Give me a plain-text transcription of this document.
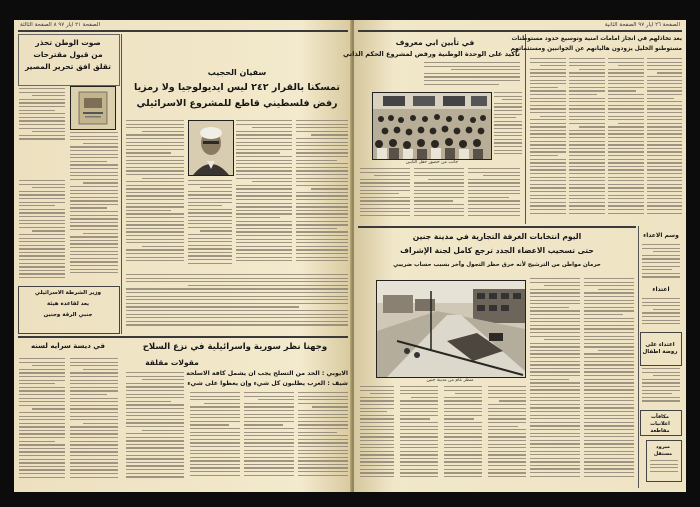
الصفحة ٢١ ايار ٩٧ ٨ الصفحة الثالثة
صوت الوطن تحذر
من قبول مقترحات
تقلق افق تحرير المصير
وزير الشرطة الاسرائيلي
يعد لقاعدة هيئة
جنبي الرقة وجنين
سفيان الحجيب
تمسكنا بالقرار ٢٤٢ ليس ايديولوجيا ولا رمزيا
رفض فلسطيني قاطع للمشروع الاسرائيلي
في ديسة سرايه لسنه	وجهنا نظر سورية واسرائيلية في نزع السلاح
مقولات مقلقة
الايوبي : الحد من التسلح يجب ان يشمل كافة الاسلحة
شيف : العرب يطلبون كل شيء وإن يعطوا على شيء
الصفحة ٢٦ ايار ٩٧ الصفحة الثانية
في تأبين ابي معروف
تأكيد على الوحدة الوطنية ورفض لمشروع الحكم الذاتي
جانب من حضور حفل التأبين
بعد تخاذلهم في انجاز امامات امنية وتوسيع حدود مستوطنات
مستوطنو الخليل يزودون هاليانهم عن الجوانبين ومستثماتهم
اليوم انتخابات الغرفة التجارية في مدينة جنين
حتى تسحيب الاعضاء الجدد ترجع كامل لجنة الإشراف
حرمان مواطن من الترشيح لأنه خرق حظر التجول وآخر بسبب حساب ضريبي
منظر عام من مدينة جنين
وسم الاعداء
اعتداء
اعتداء على روضة اطفال
مكافآت اعلانيات مقاطعة
ميرود مستقل
